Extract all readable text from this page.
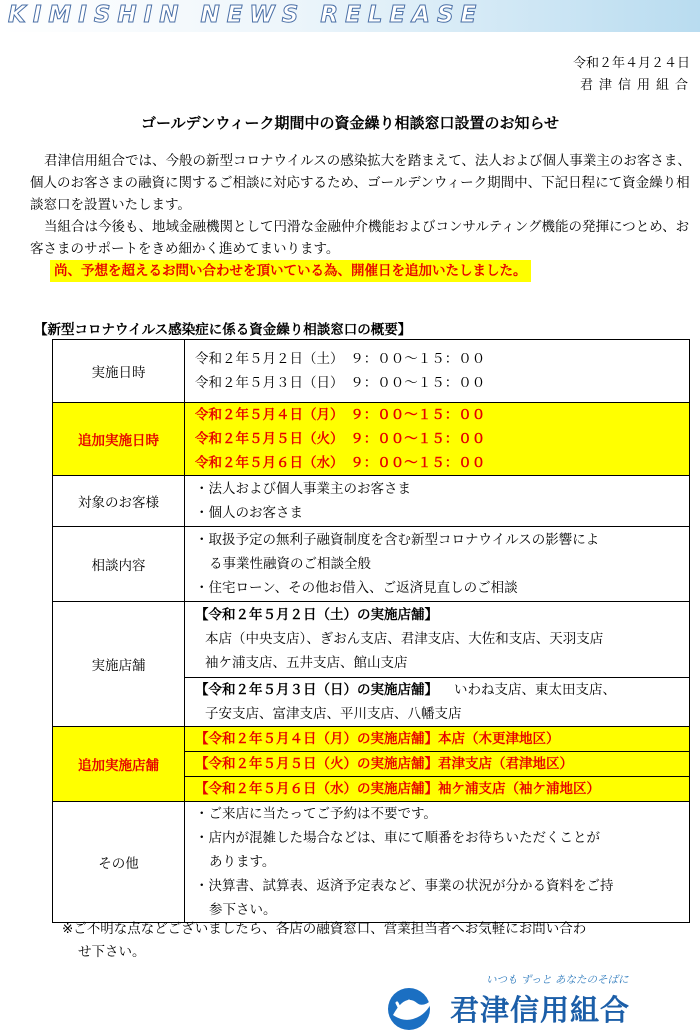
KIMISHIN NEWS RELEASE
令和２年４月２４日
君津信用組合
ゴールデンウィーク期間中の資金繰り相談窓口設置のお知らせ

君津信用組合では、今般の新型コロナウイルスの感染拡大を踏まえて、法人および個人事業主のお客さま、個人のお客さまの融資に関するご相談に対応するため、ゴールデンウィーク期間中、下記日程にて資金繰り相談窓口を設置いたします。

当組合は今後も、地域金融機関として円滑な金融仲介機能およびコンサルティング機能の発揮につとめ、お客さまのサポートをきめ細かく進めてまいります。

尚、予想を超えるお問い合わせを頂いている為、開催日を追加いたしました。
【新型コロナウイルス感染症に係る資金繰り相談窓口の概要】
実施日時	令和２年５月２日（土）　９：００～１５：００
令和２年５月３日（日）　９：００～１５：００

追加実施日時	令和２年５月４日（月）　９：００～１５：００
令和２年５月５日（火）　９：００～１５：００
令和２年５月６日（水）　９：００～１５：００

対象のお客様	・法人および個人事業主のお客さま
・個人のお客さま

相談内容	・取扱予定の無利子融資制度を含む新型コロナウイルスの影響によ
る事業性融資のご相談全般
・住宅ローン、その他お借入、ご返済見直しのご相談

実施店舗	【令和２年５月２日（土）の実施店舗】
本店（中央支店）、ぎおん支店、君津支店、大佐和支店、天羽支店
袖ケ浦支店、五井支店、館山支店
【令和２年５月３日（日）の実施店舗】 いわね支店、東太田支店、
子安支店、富津支店、平川支店、八幡支店

追加実施店舗	【令和２年５月４日（月）の実施店舗】本店（木更津地区）
【令和２年５月５日（火）の実施店舗】君津支店（君津地区）
【令和２年５月６日（水）の実施店舗】袖ケ浦支店（袖ケ浦地区）

その他	・ご来店に当たってご予約は不要です。
・店内が混雑した場合などは、車にて順番をお待ちいただくことが
あります。
・決算書、試算表、返済予定表など、事業の状況が分かる資料をご持
参下さい。
※ご不明な点などございましたら、各店の融資窓口、営業担当者へお気軽にお問い合わ
せ下さい。
いつも ずっと あなたのそばに
君津信用組合
